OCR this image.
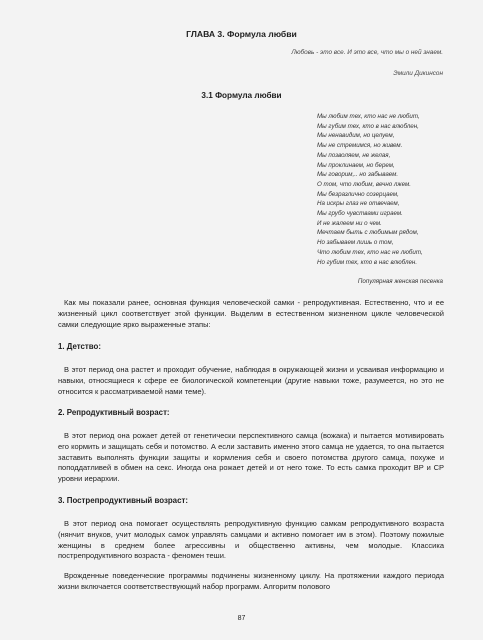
ГЛАВА 3. Формула любви
Любовь - это все. И это все, что мы о ней знаем.
Эмили Дикинсон
3.1 Формула любви
Мы любим тех, кто нас не любит,
Мы губим тех, кто в нас влюблен,
Мы ненавидим, но целуем,
Мы не стремимся, но живем.
Мы позволяем, не желая,
Мы проклинаем, но берем,
Мы говорим,.. но забываем.
О том, что любим, вечно лжем.
Мы безразлично созерцаем,
На искры глаз не отвечаем,
Мы грубо чувствами играем.
И не жалеем ни о чем.
Мечтаем быть с любимым рядом,
Но забываем лишь о том,
Что любим тех, кто нас не любит,
Но губим тех, кто в нас влюблен.
Популярная женская песенка

Как мы показали ранее, основная функция человеческой самки - репродуктивная. Естественно, что и ее жизненный цикл соответствует этой функции. Выделим в естественном жизненном цикле человеческой самки следующие ярко выраженные этапы:

1. Детство:

В этот период она растет и проходит обучение, наблюдая в окружающей жизни и усваивая информацию и навыки, относящиеся к сфере ее биологической компетенции (другие навыки тоже, разумеется, но это не относится к рассматриваемой нами теме).

2. Репродуктивный возраст:

В этот период она рожает детей от генетически перспективного самца (вожака) и пытается мотивировать его кормить и защищать себя и потомство. А если заставить именно этого самца не удается, то она пытается заставить выполнять функции защиты и кормления себя и своего потомства другого самца, похуже и поподдатливей в обмен на секс. Иногда она рожает детей и от него тоже. То есть самка проходит ВР и СР уровни иерархии.

3. Пострепродуктивный возраст:

В этот период она помогает осуществлять репродуктивную функцию самкам репродуктивного возраста (нянчит внуков, учит молодых самок управлять самцами и активно помогает им в этом). Поэтому пожилые женщины в среднем более агрессивны и общественно активны, чем молодые. Классика пострепродуктивного возраста - феномен теши.

Врожденные поведенческие программы подчинены жизненному циклу. На протяжении каждого периода жизни включается соответствествующий набор программ. Алгоритм полового

87
